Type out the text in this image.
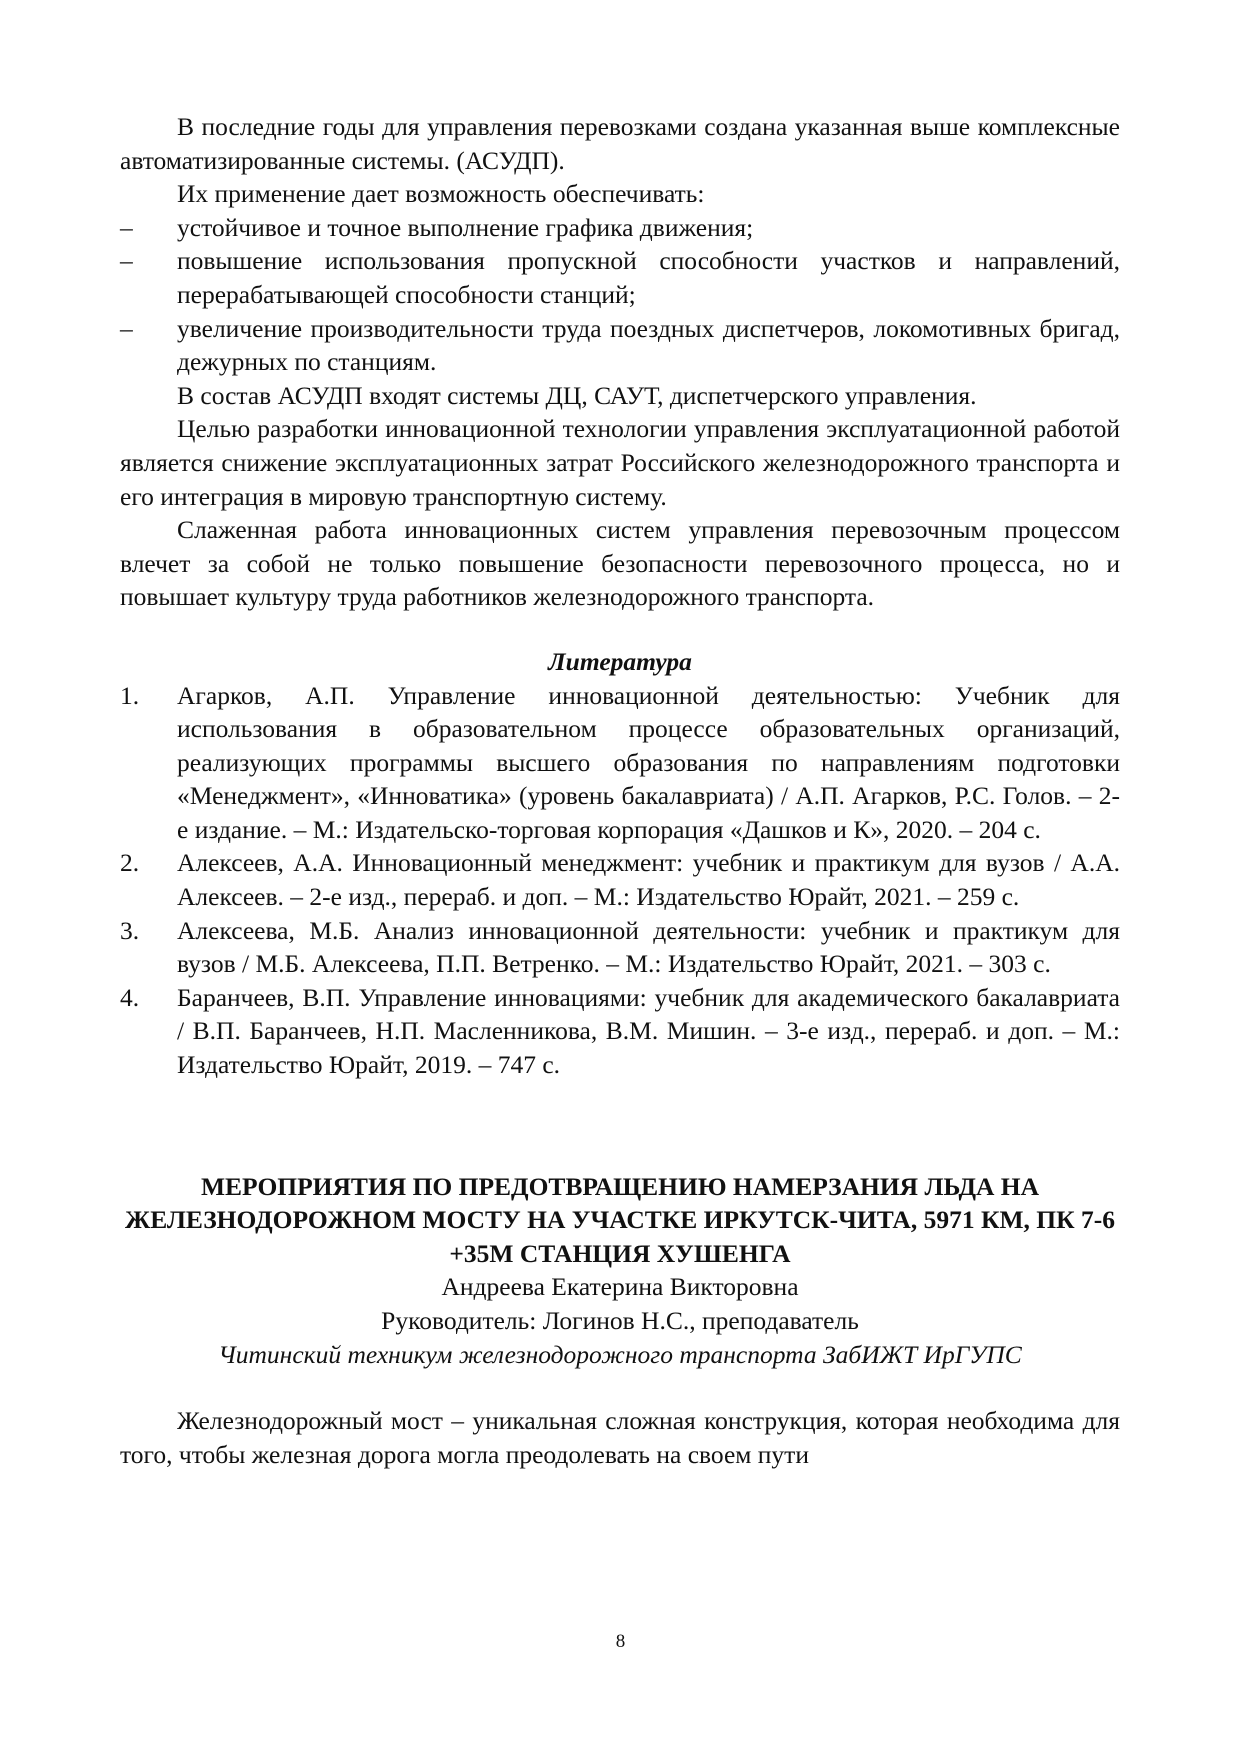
В последние годы для управления перевозками создана указанная выше комплексные автоматизированные системы. (АСУДП).

Их применение дает возможность обеспечивать:

– устойчивое и точное выполнение графика движения;
– повышение использования пропускной способности участков и направлений, перерабатывающей способности станций;
– увеличение производительности труда поездных диспетчеров, локомотивных бригад, дежурных по станциям.

В состав АСУДП входят системы ДЦ, САУТ, диспетчерского управления.

Целью разработки инновационной технологии управления эксплуатационной работой является снижение эксплуатационных затрат Российского железнодорожного транспорта и его интеграция в мировую транспортную систему.

Слаженная работа инновационных систем управления перевозочным процессом влечет за собой не только повышение безопасности перевозочного процесса, но и повышает культуру труда работников железнодорожного транспорта.

Литература

1. Агарков, А.П. Управление инновационной деятельностью: Учебник для использования в образовательном процессе образовательных организаций, реализующих программы высшего образования по направлениям подготовки «Менеджмент», «Инноватика» (уровень бакалавриата) / А.П. Агарков, Р.С. Голов. – 2-е издание. – М.: Издательско-торговая корпорация «Дашков и К», 2020. – 204 с.
2. Алексеев, А.А. Инновационный менеджмент: учебник и практикум для вузов / А.А. Алексеев. – 2-е изд., перераб. и доп. – М.: Издательство Юрайт, 2021. – 259 с.
3. Алексеева, М.Б. Анализ инновационной деятельности: учебник и практикум для вузов / М.Б. Алексеева, П.П. Ветренко. – М.: Издательство Юрайт, 2021. – 303 с.
4. Баранчеев, В.П. Управление инновациями: учебник для академического бакалавриата / В.П. Баранчеев, Н.П. Масленникова, В.М. Мишин. – 3-е изд., перераб. и доп. – М.: Издательство Юрайт, 2019. – 747 с.

МЕРОПРИЯТИЯ ПО ПРЕДОТВРАЩЕНИЮ НАМЕРЗАНИЯ ЛЬДА НА ЖЕЛЕЗНОДОРОЖНОМ МОСТУ НА УЧАСТКЕ ИРКУТСК-ЧИТА, 5971 КМ, ПК 7-6 +35М СТАНЦИЯ ХУШЕНГА

Андреева Екатерина Викторовна

Руководитель: Логинов Н.С., преподаватель

Читинский техникум железнодорожного транспорта ЗабИЖТ ИрГУПС

Железнодорожный мост – уникальная сложная конструкция, которая необходима для того, чтобы железная дорога могла преодолевать на своем пути

8
